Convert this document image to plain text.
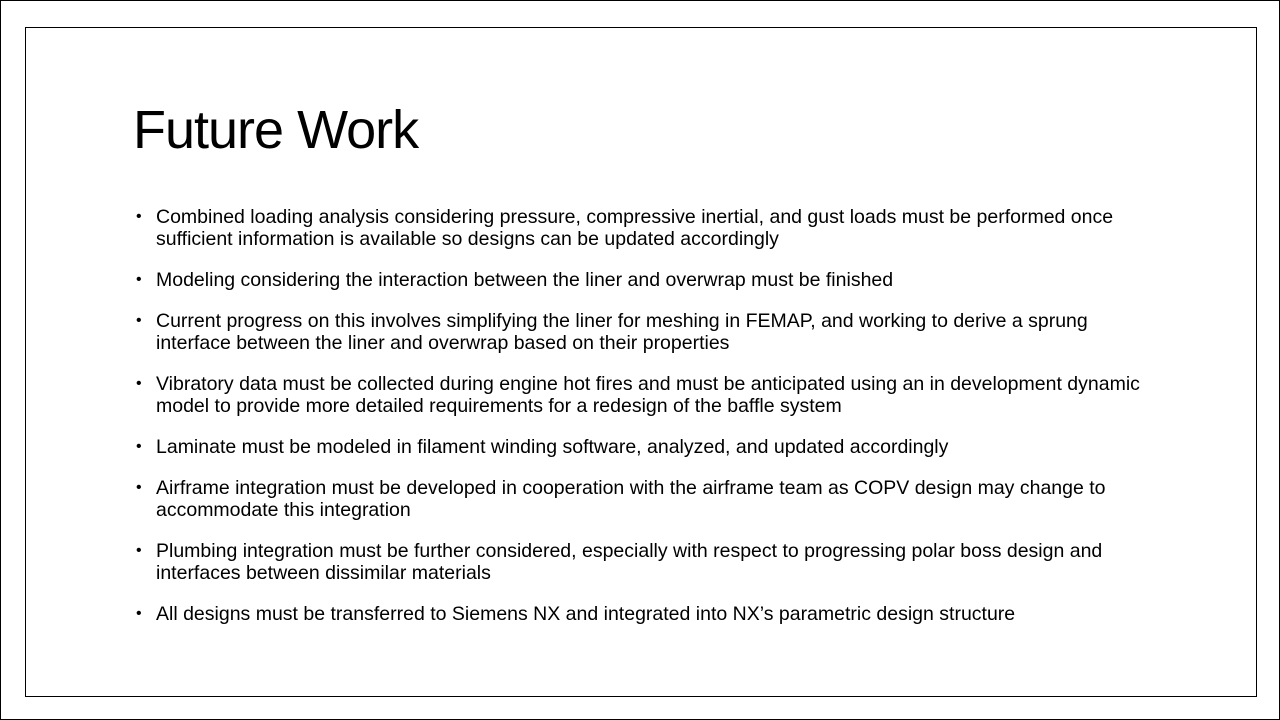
Future Work
• Combined loading analysis considering pressure, compressive inertial, and gust loads must be performed once sufficient information is available so designs can be updated accordingly
• Modeling considering the interaction between the liner and overwrap must be finished
• Current progress on this involves simplifying the liner for meshing in FEMAP, and working to derive a sprung interface between the liner and overwrap based on their properties
• Vibratory data must be collected during engine hot fires and must be anticipated using an in development dynamic model to provide more detailed requirements for a redesign of the baffle system
• Laminate must be modeled in filament winding software, analyzed, and updated accordingly
• Airframe integration must be developed in cooperation with the airframe team as COPV design may change to accommodate this integration
• Plumbing integration must be further considered, especially with respect to progressing polar boss design and interfaces between dissimilar materials
• All designs must be transferred to Siemens NX and integrated into NX’s parametric design structure
